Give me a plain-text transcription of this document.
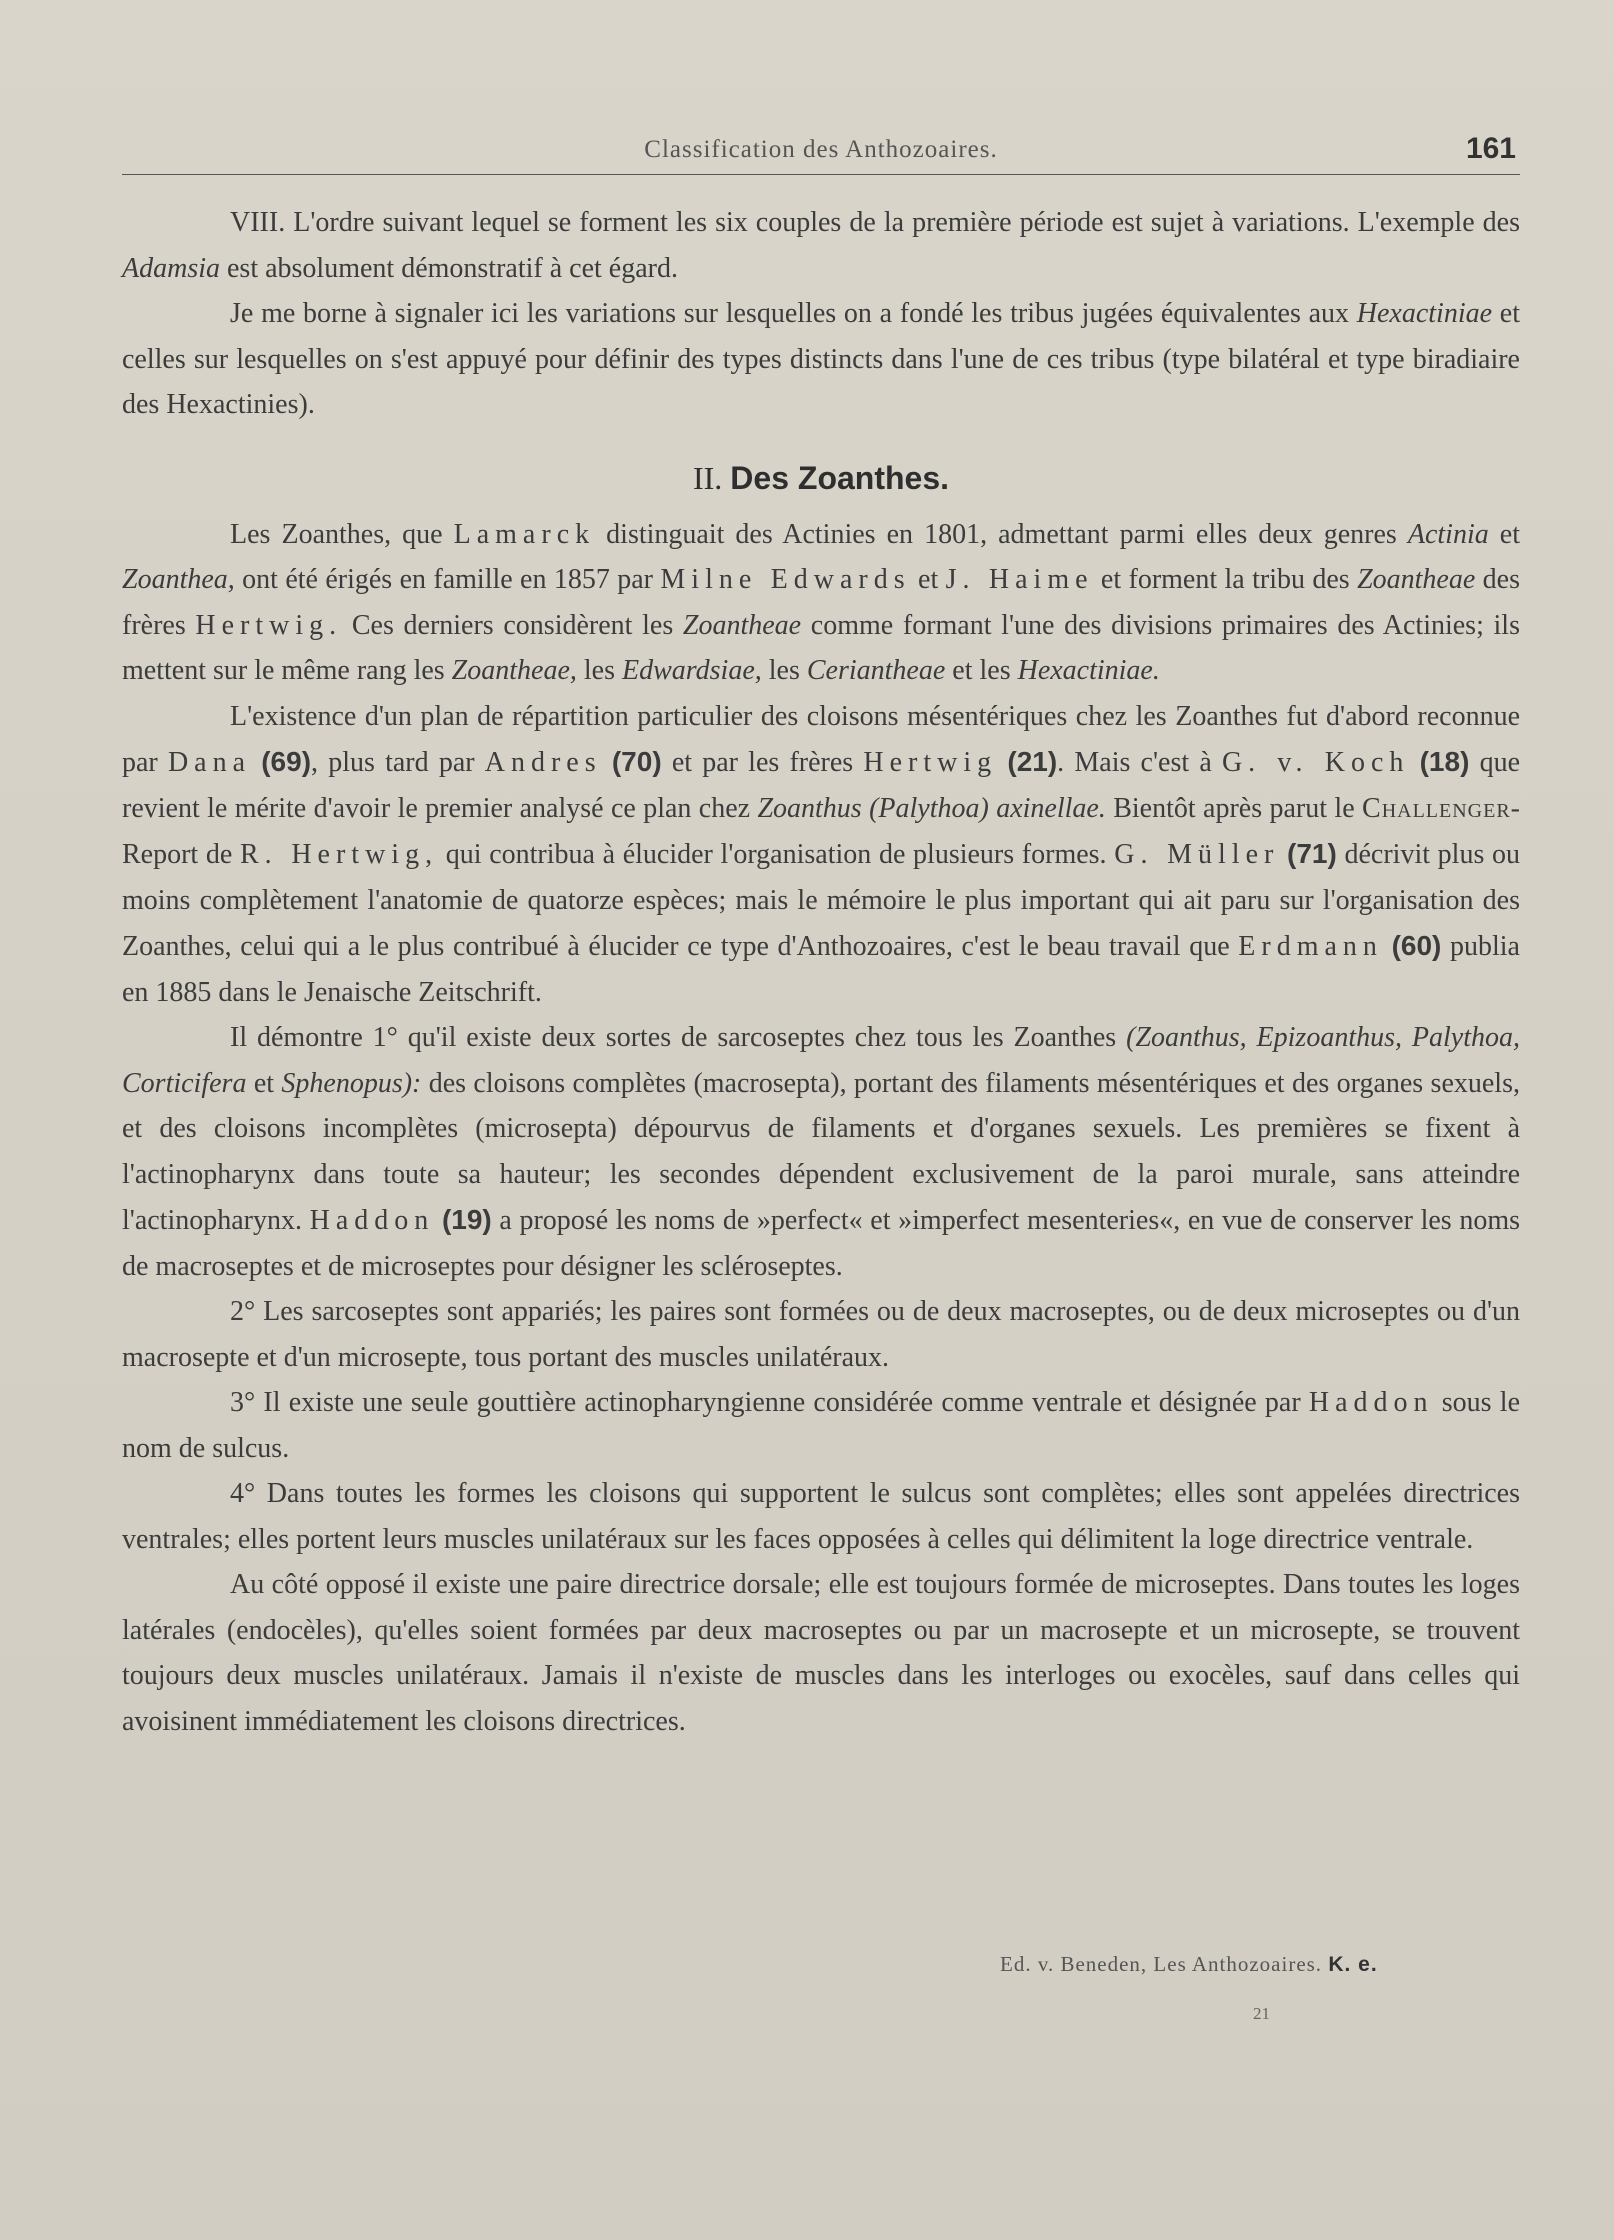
Classification des Anthozoaires.	161

VIII. L'ordre suivant lequel se forment les six couples de la première période est sujet à variations. L'exemple des Adamsia est absolument démonstratif à cet égard.

Je me borne à signaler ici les variations sur lesquelles on a fondé les tribus jugées équivalentes aux Hexactiniae et celles sur lesquelles on s'est appuyé pour définir des types distincts dans l'une de ces tribus (type bilatéral et type biradiaire des Hexactinies).

II. Des Zoanthes.

Les Zoanthes, que Lamarck distinguait des Actinies en 1801, admettant parmi elles deux genres Actinia et Zoanthea, ont été érigés en famille en 1857 par Milne Edwards et J. Haime et forment la tribu des Zoantheae des frères Hertwig. Ces derniers considèrent les Zoantheae comme formant l'une des divisions primaires des Actinies; ils mettent sur le même rang les Zoantheae, les Edwardsiae, les Cerianthеae et les Hexactiniae.

L'existence d'un plan de répartition particulier des cloisons mésentériques chez les Zoanthes fut d'abord reconnue par Dana (69), plus tard par Andres (70) et par les frères Hertwig (21). Mais c'est à G. v. Koch (18) que revient le mérite d'avoir le premier analysé ce plan chez Zoanthus (Palythoa) axinellae. Bientôt après parut le Challenger-Report de R. Hertwig, qui contribua à élucider l'organisation de plusieurs formes. G. Müller (71) décrivit plus ou moins complètement l'anatomie de quatorze espèces; mais le mémoire le plus important qui ait paru sur l'organisation des Zoanthes, celui qui a le plus contribué à élucider ce type d'Anthozoaires, c'est le beau travail que Erdmann (60) publia en 1885 dans le Jenaische Zeitschrift.

Il démontre 1° qu'il existe deux sortes de sarcoseptes chez tous les Zoanthes (Zoanthus, Epizoanthus, Palythoa, Corticifera et Sphenopus): des cloisons complètes (macrosepta), portant des filaments mésentériques et des organes sexuels, et des cloisons incomplètes (microsepta) dépourvus de filaments et d'organes sexuels. Les premières se fixent à l'actinopharynx dans toute sa hauteur; les secondes dépendent exclusivement de la paroi murale, sans atteindre l'actinopharynx. Haddon (19) a proposé les noms de »perfect« et »imperfect mesenteries«, en vue de conserver les noms de macroseptes et de microseptes pour désigner les scléroseptes.

2° Les sarcoseptes sont appariés; les paires sont formées ou de deux macroseptes, ou de deux microseptes ou d'un macrosepte et d'un microsepte, tous portant des muscles unilatéraux.

3° Il existe une seule gouttière actinopharyngienne considérée comme ventrale et désignée par Haddon sous le nom de sulcus.

4° Dans toutes les formes les cloisons qui supportent le sulcus sont complètes; elles sont appelées directrices ventrales; elles portent leurs muscles unilatéraux sur les faces opposées à celles qui délimitent la loge directrice ventrale.

Au côté opposé il existe une paire directrice dorsale; elle est toujours formée de microseptes. Dans toutes les loges latérales (endocèles), qu'elles soient formées par deux macroseptes ou par un macrosepte et un microsepte, se trouvent toujours deux muscles unilatéraux. Jamais il n'existe de muscles dans les interloges ou exocèles, sauf dans celles qui avoisinent immédiatement les cloisons directrices.

Ed. v. Beneden, Les Anthozoaires. K. e.
21
